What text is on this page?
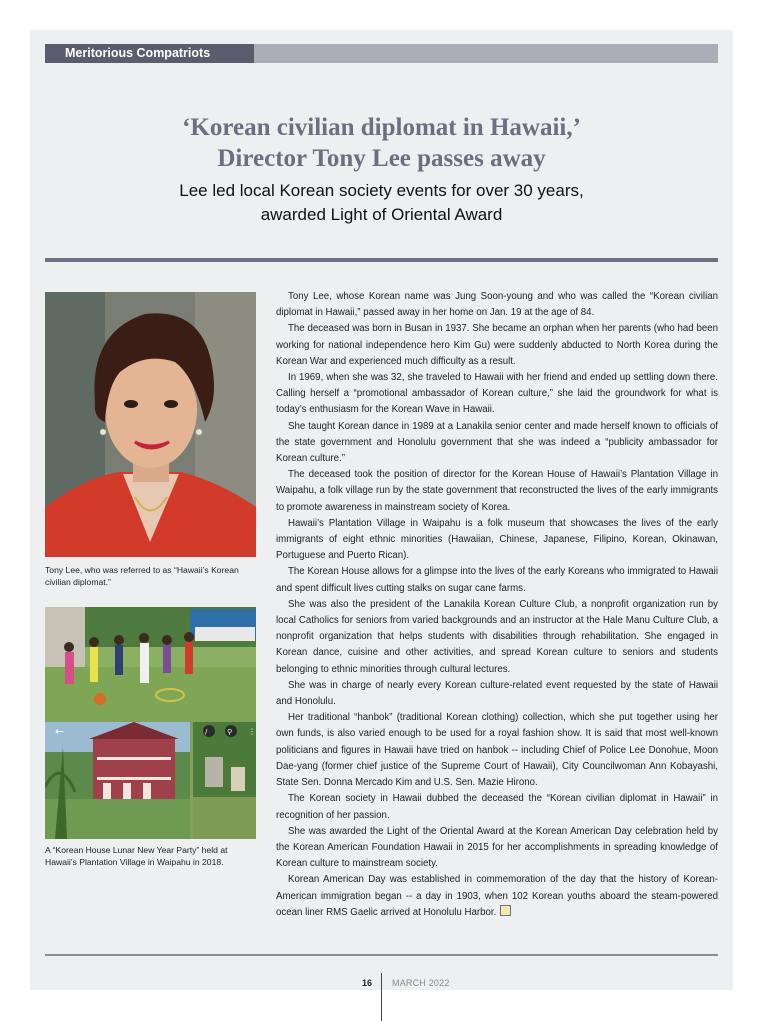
Meritorious Compatriots
‘Korean civilian diplomat in Hawaii,’
Director Tony Lee passes away
Lee led local Korean society events for over 30 years,
awarded Light of Oriental Award
Tony Lee, who was referred to as “Hawaii’s Korean civilian diplomat.”
←	/	⚲ ⋮
A “Korean House Lunar New Year Party” held at Hawaii’s Plantation Village in Waipahu in 2018.

Tony Lee, whose Korean name was Jung Soon-young and who was called the “Korean civilian diplomat in Hawaii,” passed away in her home on Jan. 19 at the age of 84.

The deceased was born in Busan in 1937. She became an orphan when her parents (who had been working for national independence hero Kim Gu) were suddenly abducted to North Korea during the Korean War and experienced much difficulty as a result.

In 1969, when she was 32, she traveled to Hawaii with her friend and ended up settling down there. Calling herself a “promotional ambassador of Korean culture,” she laid the groundwork for what is today’s enthusiasm for the Korean Wave in Hawaii.

She taught Korean dance in 1989 at a Lanakila senior center and made herself known to officials of the state government and Honolulu government that she was indeed a “publicity ambassador for Korean culture.”

The deceased took the position of director for the Korean House of Hawaii’s Plantation Village in Waipahu, a folk village run by the state government that reconstructed the lives of the early immigrants to promote awareness in mainstream society of Korea.

Hawaii’s Plantation Village in Waipahu is a folk museum that showcases the lives of the early immigrants of eight ethnic minorities (Hawaiian, Chinese, Japanese, Filipino, Korean, Okinawan, Portuguese and Puerto Rican).

The Korean House allows for a glimpse into the lives of the early Koreans who immigrated to Hawaii and spent difficult lives cutting stalks on sugar cane farms.

She was also the president of the Lanakila Korean Culture Club, a nonprofit organization run by local Catholics for seniors from varied backgrounds and an instructor at the Hale Manu Culture Club, a nonprofit organization that helps students with disabilities through rehabilitation. She engaged in Korean dance, cuisine and other activities, and spread Korean culture to seniors and students belonging to ethnic minorities through cultural lectures.

She was in charge of nearly every Korean culture-related event requested by the state of Hawaii and Honolulu.

Her traditional “hanbok” (traditional Korean clothing) collection, which she put together using her own funds, is also varied enough to be used for a royal fashion show. It is said that most well-known politicians and figures in Hawaii have tried on hanbok -- including Chief of Police Lee Donohue, Moon Dae-yang (former chief justice of the Supreme Court of Hawaii), City Councilwoman Ann Kobayashi, State Sen. Donna Mercado Kim and U.S. Sen. Mazie Hirono.

The Korean society in Hawaii dubbed the deceased the “Korean civilian diplomat in Hawaii” in recognition of her passion.

She was awarded the Light of the Oriental Award at the Korean American Day celebration held by the Korean American Foundation Hawaii in 2015 for her accomplishments in spreading knowledge of Korean culture to mainstream society.

Korean American Day was established in commemoration of the day that the history of Korean-American immigration began -- a day in 1903, when 102 Korean youths aboard the steam-powered ocean liner RMS Gaelic arrived at Honolulu Harbor.

16 MARCH 2022
